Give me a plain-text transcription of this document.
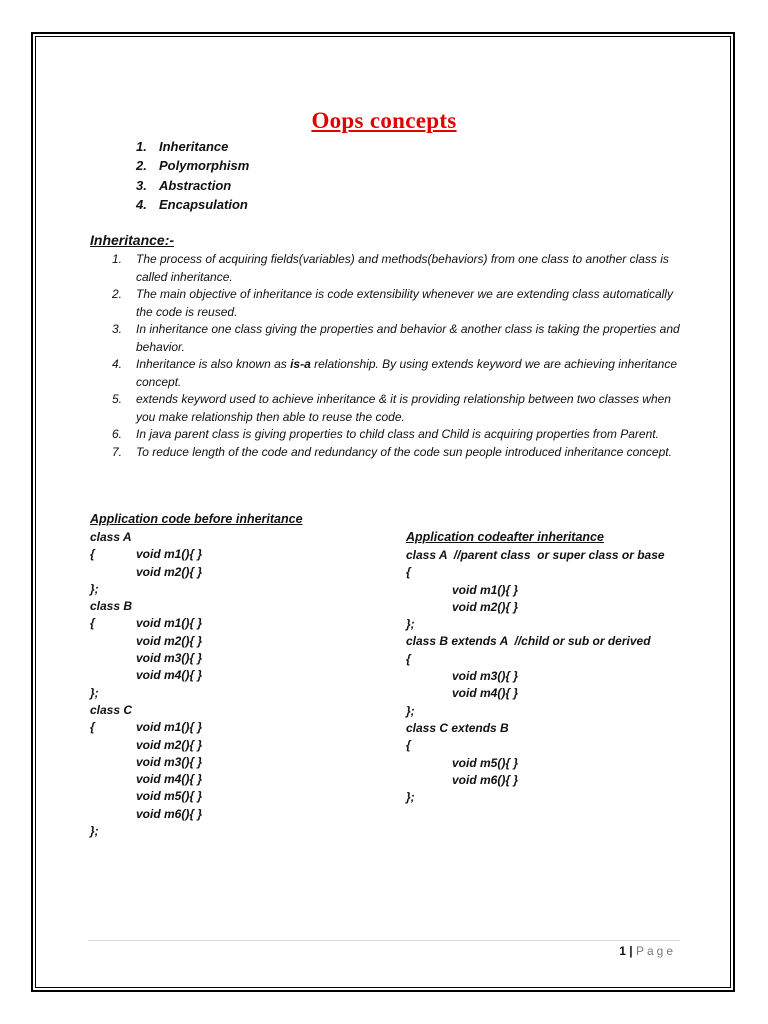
Oops concepts
1. Inheritance
2. Polymorphism
3. Abstraction
4. Encapsulation
Inheritance:-
1.	The process of acquiring fields(variables) and methods(behaviors) from one class to another class is called inheritance.
2.	The main objective of inheritance is code extensibility whenever we are extending class automatically the code is reused.
3.	In inheritance one class giving the properties and behavior & another class is taking the properties and behavior.
4.	Inheritance is also known as is-a relationship. By using extends keyword we are achieving inheritance concept.
5.	extends keyword used to achieve inheritance & it is providing relationship between two classes when you make relationship then able to reuse the code.
6.	In java parent class is giving properties to child class and Child is acquiring properties from Parent.
7.	To reduce length of the code and redundancy of the code sun people introduced inheritance concept.
Application code before inheritance
class A
{	void m1(){ }
void m2(){ }
};
class B
{	void m1(){ }
void m2(){ }
void m3(){ }
void m4(){ }
};
class C
{	void m1(){ }
void m2(){ }
void m3(){ }
void m4(){ }
void m5(){ }
void m6(){ }
};
Application codeafter inheritance
class A  //parent class  or super class or base
{
void m1(){ }
void m2(){ }
};
class B extends A  //child or sub or derived
{
void m3(){ }
void m4(){ }
};
class C extends B
{
void m5(){ }
void m6(){ }
};
1 | Page
